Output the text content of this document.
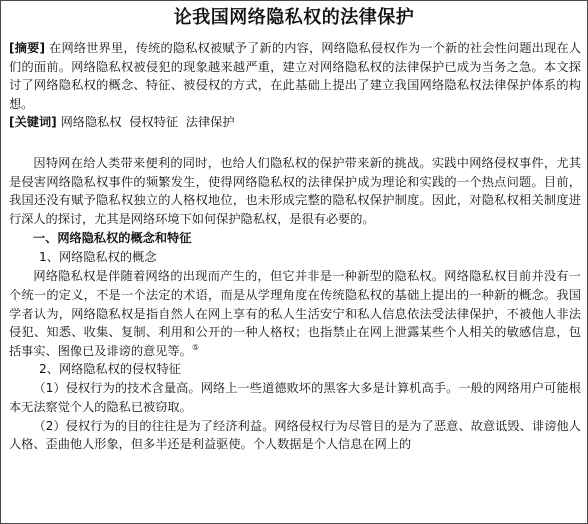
论我国网络隐私权的法律保护

[摘要] 在网络世界里，传统的隐私权被赋予了新的内容，网络隐私侵权作为一个新的社会性问题出现在人们的面前。网络隐私权被侵犯的现象越来越严重，建立对网络隐私权的法律保护已成为当务之急。本文探讨了网络隐私权的概念、特征、被侵权的方式，在此基础上提出了建立我国网络隐私权法律保护体系的构想。

[关键词] 网络隐私权  侵权特征  法律保护

因特网在给人类带来便利的同时，也给人们隐私权的保护带来新的挑战。实践中网络侵权事件，尤其是侵害网络隐私权事件的频繁发生，使得网络隐私权的法律保护成为理论和实践的一个热点问题。目前，我国还没有赋予隐私权独立的人格权地位，也未形成完整的隐私权保护制度。因此，对隐私权相关制度进行深人的探讨，尤其是网络环境下如何保护隐私权，是很有必要的。

一、网络隐私权的概念和特征

1、网络隐私权的概念

网络隐私权是伴随着网络的出现而产生的，但它并非是一种新型的隐私权。网络隐私权目前并没有一个统一的定义，不是一个法定的术语，而是从学理角度在传统隐私权的基础上提出的一种新的概念。我国学者认为，网络隐私权是指自然人在网上享有的私人生活安宁和私人信息依法受法律保护，不被他人非法侵犯、知悉、收集、复制、利用和公开的一种人格权；也指禁止在网上泄露某些个人相关的敏感信息，包括事实、图像已及诽谤的意见等。⑤

2、网络隐私权的侵权特征

（1）侵权行为的技术含量高。网络上一些道德败坏的黑客大多是计算机高手。一般的网络用户可能根本无法察觉个人的隐私已被窃取。

（2）侵权行为的目的往往是为了经济利益。网络侵权行为尽管目的是为了恶意、故意诋毁、诽谤他人人格、歪曲他人形象，但多半还是利益驱使。个人数据是个人信息在网上的
